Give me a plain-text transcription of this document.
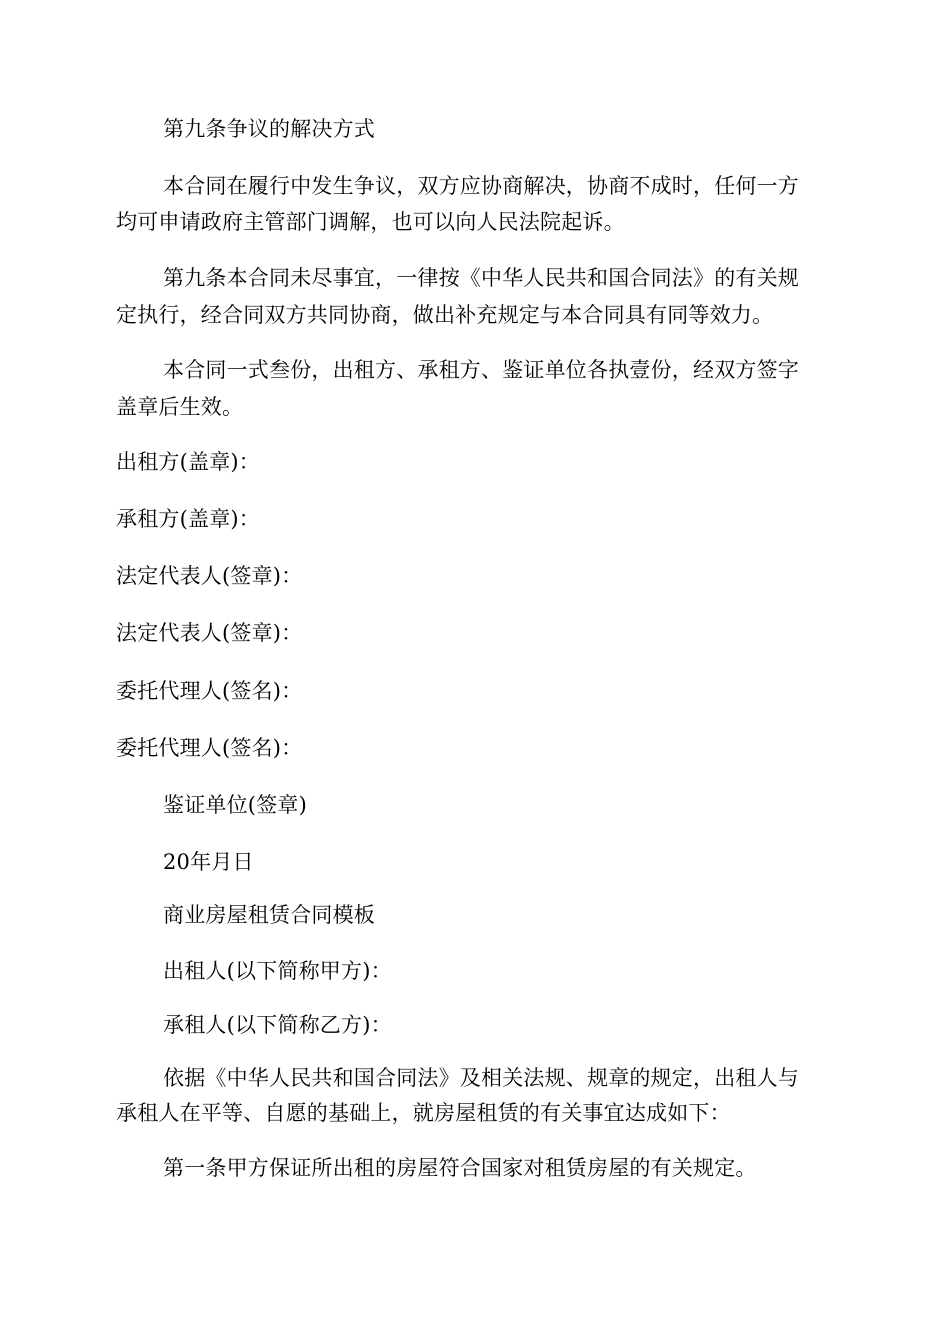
第九条争议的解决方式
本合同在履行中发生争议，双方应协商解决，协商不成时，任何一方
均可申请政府主管部门调解，也可以向人民法院起诉。
第九条本合同未尽事宜，一律按《中华人民共和国合同法》的有关规
定执行，经合同双方共同协商，做出补充规定与本合同具有同等效力。
本合同一式叁份，出租方、承租方、鉴证单位各执壹份，经双方签字
盖章后生效。
出租方(盖章)：
承租方(盖章)：
法定代表人(签章)：
法定代表人(签章)：
委托代理人(签名)：
委托代理人(签名)：
鉴证单位(签章)
20年月日
商业房屋租赁合同模板
出租人(以下简称甲方)：
承租人(以下简称乙方)：
依据《中华人民共和国合同法》及相关法规、规章的规定，出租人与
承租人在平等、自愿的基础上，就房屋租赁的有关事宜达成如下：
第一条甲方保证所出租的房屋符合国家对租赁房屋的有关规定。
